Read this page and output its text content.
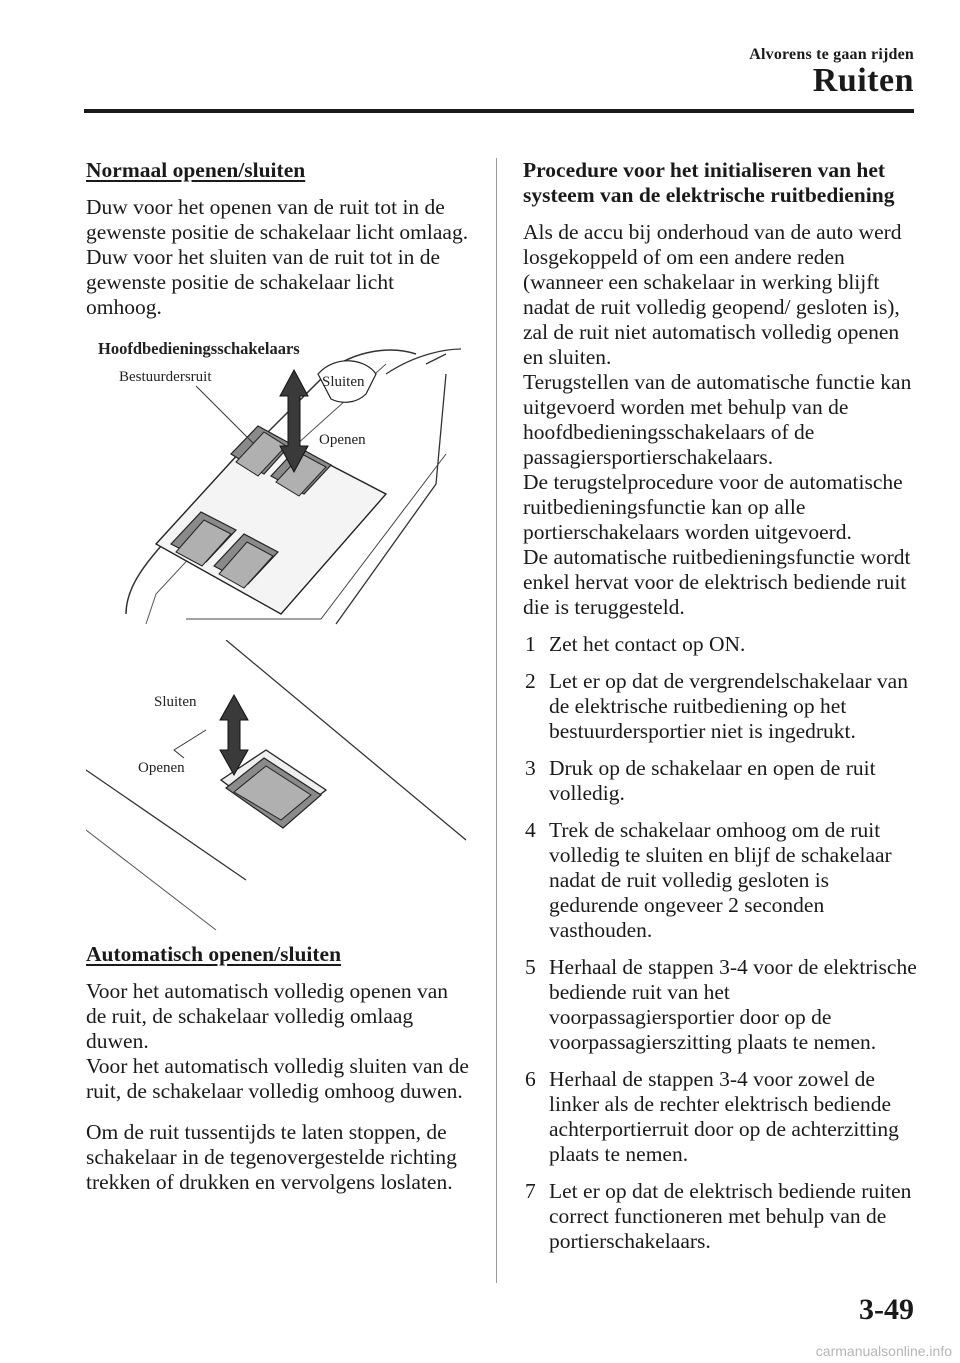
Alvorens te gaan rijden
Ruiten
Normaal openen/sluiten

Duw voor het openen van de ruit tot in de gewenste positie de schakelaar licht omlaag.
Duw voor het sluiten van de ruit tot in de gewenste positie de schakelaar licht omhoog.

Hoofdbedieningsschakelaars
Bestuurdersruit	Sluiten
Openen
Sluiten
Openen
Automatisch openen/sluiten

Voor het automatisch volledig openen van de ruit, de schakelaar volledig omlaag duwen.
Voor het automatisch volledig sluiten van de ruit, de schakelaar volledig omhoog duwen.

Om de ruit tussentijds te laten stoppen, de schakelaar in de tegenovergestelde richting trekken of drukken en vervolgens loslaten.

Procedure voor het initialiseren van het systeem van de elektrische ruitbediening

Als de accu bij onderhoud van de auto werd losgekoppeld of om een andere reden (wanneer een schakelaar in werking blijft nadat de ruit volledig geopend/ gesloten is), zal de ruit niet automatisch volledig openen en sluiten.
Terugstellen van de automatische functie kan uitgevoerd worden met behulp van de hoofdbedieningsschakelaars of de passagiersportierschakelaars.
De terugstelprocedure voor de automatische ruitbedieningsfunctie kan op alle portierschakelaars worden uitgevoerd.
De automatische ruitbedieningsfunctie wordt enkel hervat voor de elektrisch bediende ruit die is teruggesteld.

1 Zet het contact op ON.
2 Let er op dat de vergrendelschakelaar van de elektrische ruitbediening op het bestuurdersportier niet is ingedrukt.
3 Druk op de schakelaar en open de ruit volledig.
4 Trek de schakelaar omhoog om de ruit volledig te sluiten en blijf de schakelaar nadat de ruit volledig gesloten is gedurende ongeveer 2 seconden vasthouden.
5 Herhaal de stappen 3-4 voor de elektrische bediende ruit van het voorpassagiersportier door op de voorpassagierszitting plaats te nemen.
6 Herhaal de stappen 3-4 voor zowel de linker als de rechter elektrisch bediende achterportierruit door op de achterzitting plaats te nemen.
7 Let er op dat de elektrisch bediende ruiten correct functioneren met behulp van de portierschakelaars.
3-49
carmanualsonline.info
